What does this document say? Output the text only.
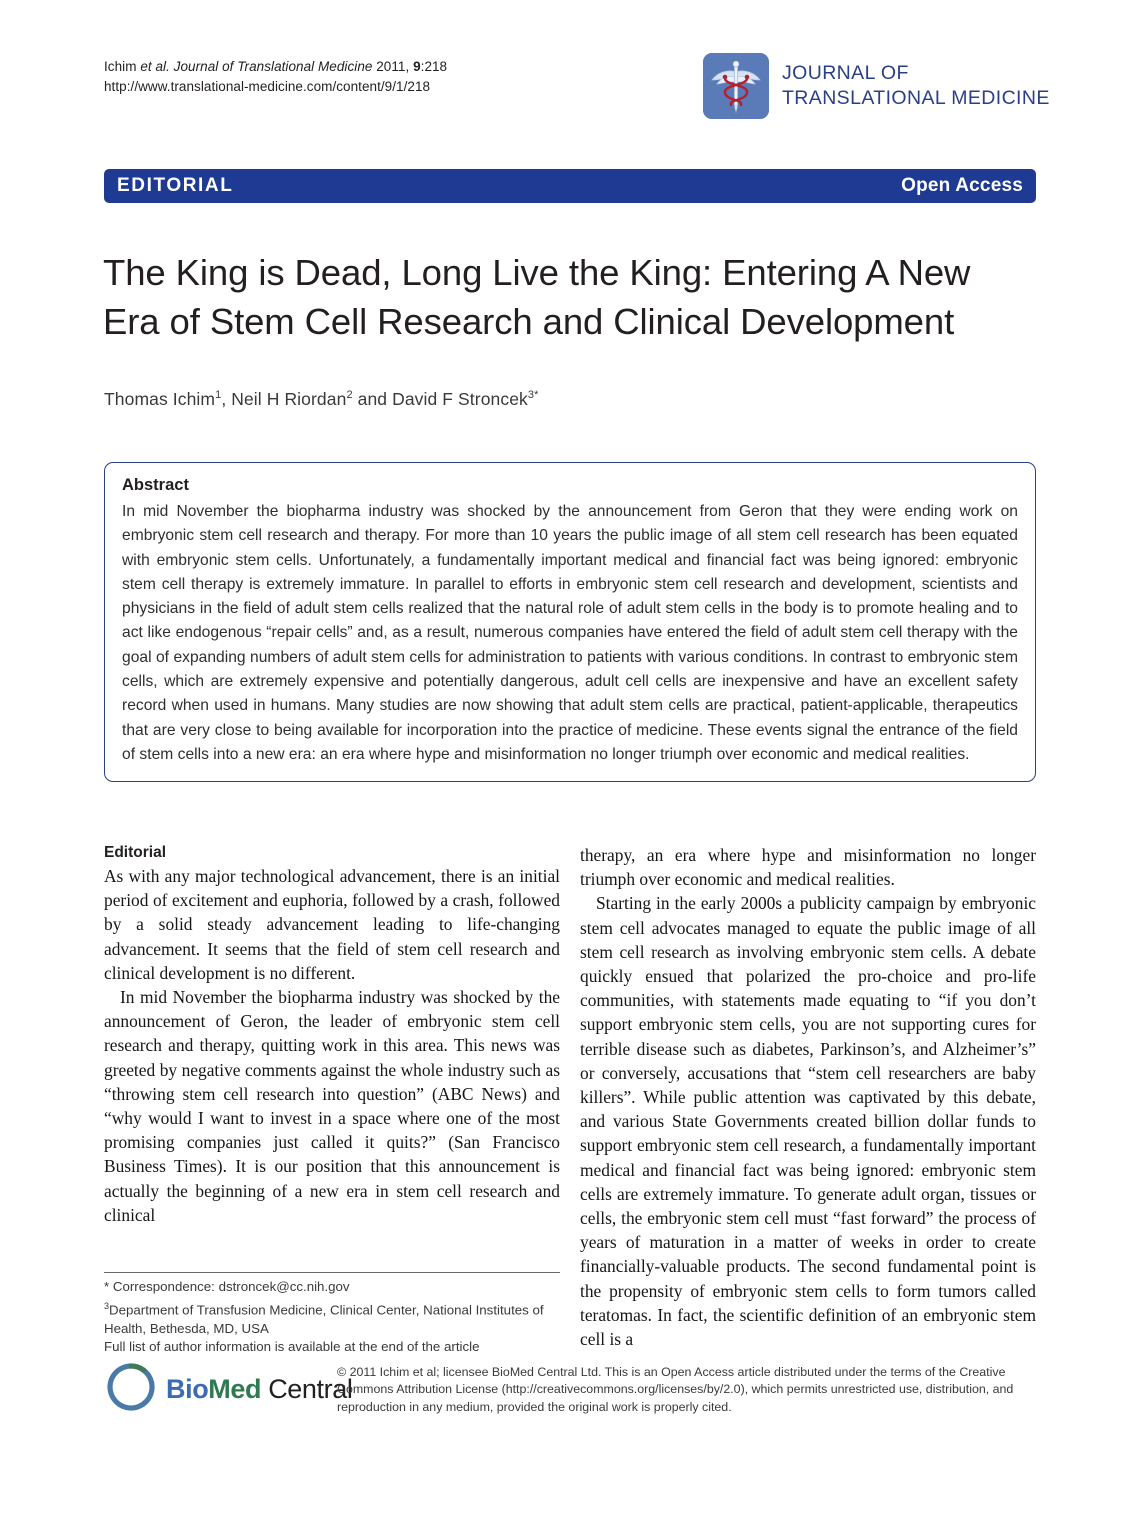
Ichim et al. Journal of Translational Medicine 2011, 9:218
http://www.translational-medicine.com/content/9/1/218
JOURNAL OF
TRANSLATIONAL MEDICINE
EDITORIAL	Open Access
The King is Dead, Long Live the King: Entering A New Era of Stem Cell Research and Clinical Development
Thomas Ichim$^1$, Neil H Riordan$^2$ and David F Stroncek$^{3*}$
Abstract
In mid November the biopharma industry was shocked by the announcement from Geron that they were ending work on embryonic stem cell research and therapy. For more than 10 years the public image of all stem cell research has been equated with embryonic stem cells. Unfortunately, a fundamentally important medical and financial fact was being ignored: embryonic stem cell therapy is extremely immature. In parallel to efforts in embryonic stem cell research and development, scientists and physicians in the field of adult stem cells realized that the natural role of adult stem cells in the body is to promote healing and to act like endogenous “repair cells” and, as a result, numerous companies have entered the field of adult stem cell therapy with the goal of expanding numbers of adult stem cells for administration to patients with various conditions. In contrast to embryonic stem cells, which are extremely expensive and potentially dangerous, adult cell cells are inexpensive and have an excellent safety record when used in humans. Many studies are now showing that adult stem cells are practical, patient-applicable, therapeutics that are very close to being available for incorporation into the practice of medicine. These events signal the entrance of the field of stem cells into a new era: an era where hype and misinformation no longer triumph over economic and medical realities.
Editorial

As with any major technological advancement, there is an initial period of excitement and euphoria, followed by a crash, followed by a solid steady advancement leading to life-changing advancement. It seems that the field of stem cell research and clinical development is no different.

In mid November the biopharma industry was shocked by the announcement of Geron, the leader of embryonic stem cell research and therapy, quitting work in this area. This news was greeted by negative comments against the whole industry such as “throwing stem cell research into question” (ABC News) and “why would I want to invest in a space where one of the most promising companies just called it quits?” (San Francisco Business Times). It is our position that this announcement is actually the beginning of a new era in stem cell research and clinical

therapy, an era where hype and misinformation no longer triumph over economic and medical realities.

Starting in the early 2000s a publicity campaign by embryonic stem cell advocates managed to equate the public image of all stem cell research as involving embryonic stem cells. A debate quickly ensued that polarized the pro-choice and pro-life communities, with statements made equating to “if you don’t support embryonic stem cells, you are not supporting cures for terrible disease such as diabetes, Parkinson’s, and Alzheimer’s” or conversely, accusations that “stem cell researchers are baby killers”. While public attention was captivated by this debate, and various State Governments created billion dollar funds to support embryonic stem cell research, a fundamentally important medical and financial fact was being ignored: embryonic stem cells are extremely immature. To generate adult organ, tissues or cells, the embryonic stem cell must “fast forward” the process of years of maturation in a matter of weeks in order to create financially-valuable products. The second fundamental point is the propensity of embryonic stem cells to form tumors called teratomas. In fact, the scientific definition of an embryonic stem cell is a

* Correspondence: dstroncek@cc.nih.gov
$^3$Department of Transfusion Medicine, Clinical Center, National Institutes of Health, Bethesda, MD, USA
Full list of author information is available at the end of the article
BioMed Central
© 2011 Ichim et al; licensee BioMed Central Ltd. This is an Open Access article distributed under the terms of the Creative Commons Attribution License (http://creativecommons.org/licenses/by/2.0), which permits unrestricted use, distribution, and reproduction in any medium, provided the original work is properly cited.
